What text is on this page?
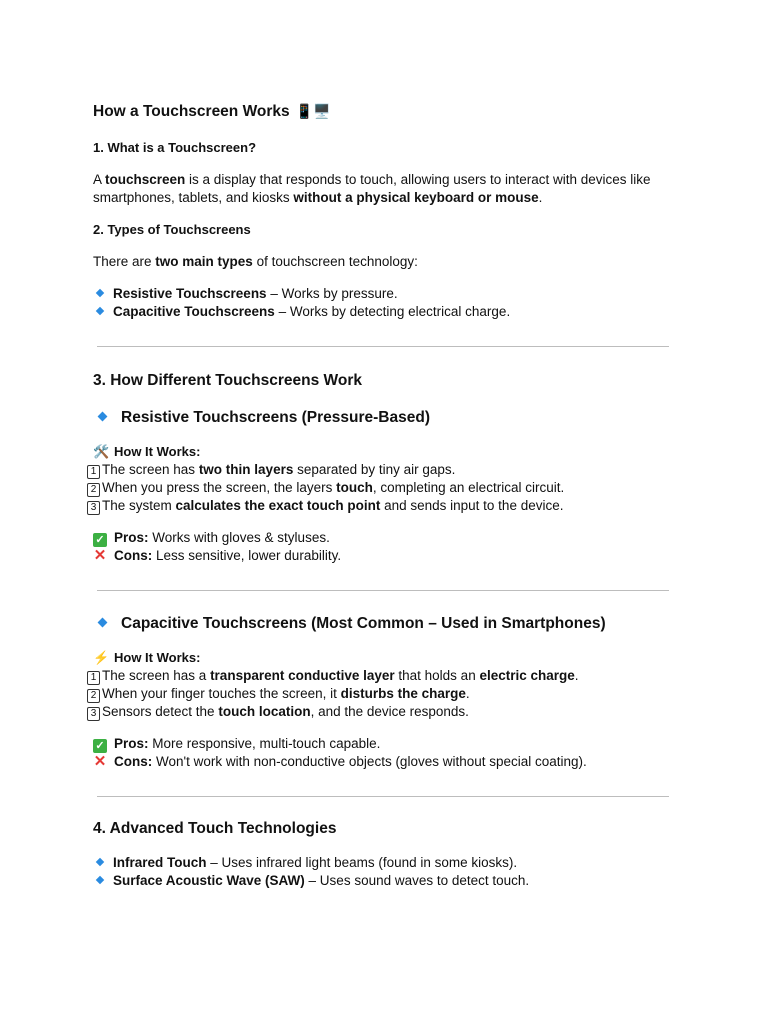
How a Touchscreen Works 📱🖥️
1. What is a Touchscreen?
A touchscreen is a display that responds to touch, allowing users to interact with devices like smartphones, tablets, and kiosks without a physical keyboard or mouse.
2. Types of Touchscreens
There are two main types of touchscreen technology:
Resistive Touchscreens – Works by pressure.
Capacitive Touchscreens – Works by detecting electrical charge.
3. How Different Touchscreens Work
Resistive Touchscreens (Pressure-Based)
🛠️ How It Works:
1 The screen has two thin layers separated by tiny air gaps.
2 When you press the screen, the layers touch, completing an electrical circuit.
3 The system calculates the exact touch point and sends input to the device.
✓ Pros: Works with gloves & styluses.
✕ Cons: Less sensitive, lower durability.
Capacitive Touchscreens (Most Common – Used in Smartphones)
⚡ How It Works:
1 The screen has a transparent conductive layer that holds an electric charge.
2 When your finger touches the screen, it disturbs the charge.
3 Sensors detect the touch location, and the device responds.
✓ Pros: More responsive, multi-touch capable.
✕ Cons: Won't work with non-conductive objects (gloves without special coating).
4. Advanced Touch Technologies
Infrared Touch – Uses infrared light beams (found in some kiosks).
Surface Acoustic Wave (SAW) – Uses sound waves to detect touch.
